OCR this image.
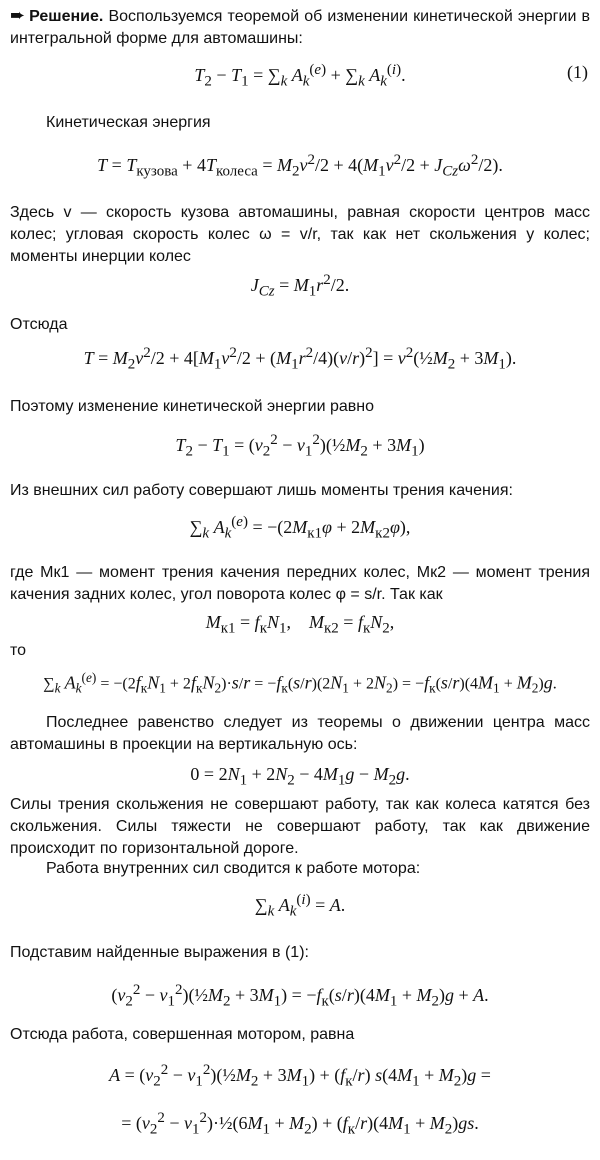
➨ Решение. Воспользуемся теоремой об изменении кинетической энергии в интегральной форме для автомашины:

$T_2 - T_1 = \sum_k$ $A_k^{(e)} + \sum_k$ $A_k^{(i)}$.	(1)

Кинетическая энергия

$T = T_{кузова} + 4T_{колеса} = M_2v^2/2 + 4(M_1v^2/2 + J_{Cz}\omega^2/2)$.

Здесь v — скорость кузова автомашины, равная скорости центров масс колес; угловая скорость колес ω = v/r, так как нет скольжения у колес; моменты инерции колес

$J_{Cz} = M_1r^2/2$.

Отсюда

$T = M_2v^2/2 + 4[M_1v^2/2 + (M_1r^2/4)(v/r)^2]$ = $v^2(\frac{1}{2}M_2 + 3M_1)$.

Поэтому изменение кинетической энергии равно

$T_2 - T_1 = (v_2^2$ − $v_1^2)(\frac{1}{2}M_2 + 3M_1)$

Из внешних сил работу совершают лишь моменты трения качения:

$\sum_k$ $A_k^{(e)} = -(2M_{к1}\varphi + 2M_{к2}\varphi)$,

где Mк1 — момент трения качения передних колес, Mк2 — момент трения качения задних колес, угол поворота колес φ = s/r. Так как

$M_{к1} = f_кN_1$,    $M_{к2} = f_кN_2$,

то

$\sum_k$ $A_k^{(e)} = -(2f_кN_1 + 2f_кN_2)\cdot s/r = -f_к(s/r)(2N_1 + 2N_2) = -f_к(s/r)(4M_1 + M_2)g$.

Последнее равенство следует из теоремы о движении центра масс автомашины в проекции на вертикальную ось:

$0 = 2N_1 + 2N_2 - 4M_1g - M_2g$.

Силы трения скольжения не совершают работу, так как колеса катятся без скольжения. Силы тяжести не совершают работу, так как движение происходит по горизонтальной дороге.

Работа внутренних сил сводится к работе мотора:

$\sum_k$ $A_k^{(i)} = A$.

Подставим найденные выражения в (1):

($v_2^2$ − $v_1^2)(\frac{1}{2}M_2 + 3M_1) = -f_к(s/r)(4M_1 + M_2)g + A$.

Отсюда работа, совершенная мотором, равна

$A = (v_2^2$ − $v_1^2)(\frac{1}{2}M_2 + 3M_1) + (f_к/r)$ $s(4M_1 + M_2)g$ =
= ($v_2^2$ − $v_1^2)\cdot\frac{1}{2}(6M_1 + M_2) + (f_к/r)(4M_1 + M_2)gs$.
